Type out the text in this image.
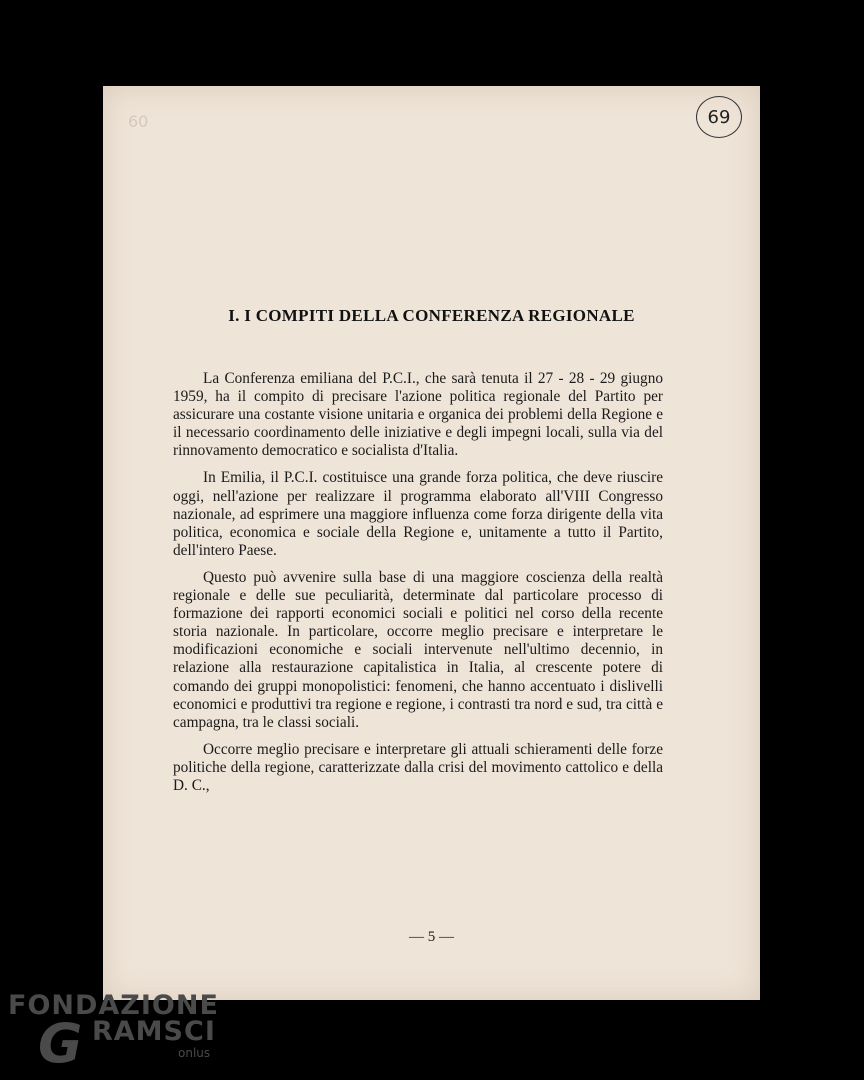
60	69
I. I COMPITI DELLA CONFERENZA REGIONALE

La Conferenza emiliana del P.C.I., che sarà tenuta il 27 - 28 - 29 giugno 1959, ha il compito di precisare l'azione politica regionale del Partito per assicurare una costante visione unitaria e organica dei problemi della Regione e il necessario coordinamento delle iniziative e degli impegni locali, sulla via del rinnovamento democratico e socialista d'Italia.

In Emilia, il P.C.I. costituisce una grande forza politica, che deve riuscire oggi, nell'azione per realizzare il programma elaborato all'VIII Congresso nazionale, ad esprimere una maggiore influenza come forza dirigente della vita politica, economica e sociale della Regione e, unitamente a tutto il Partito, dell'intero Paese.

Questo può avvenire sulla base di una maggiore coscienza della realtà regionale e delle sue peculiarità, determinate dal particolare processo di formazione dei rapporti economici sociali e politici nel corso della recente storia nazionale. In particolare, occorre meglio precisare e interpretare le modificazioni economiche e sociali intervenute nell'ultimo decennio, in relazione alla restaurazione capitalistica in Italia, al crescente potere di comando dei gruppi monopolistici: fenomeni, che hanno accentuato i dislivelli economici e produttivi tra regione e regione, i contrasti tra nord e sud, tra città e campagna, tra le classi sociali.

Occorre meglio precisare e interpretare gli attuali schieramenti delle forze politiche della regione, caratterizzate dalla crisi del movimento cattolico e della D. C.,

— 5 —
FONDAZIONE
G RAMSCI
onlus
